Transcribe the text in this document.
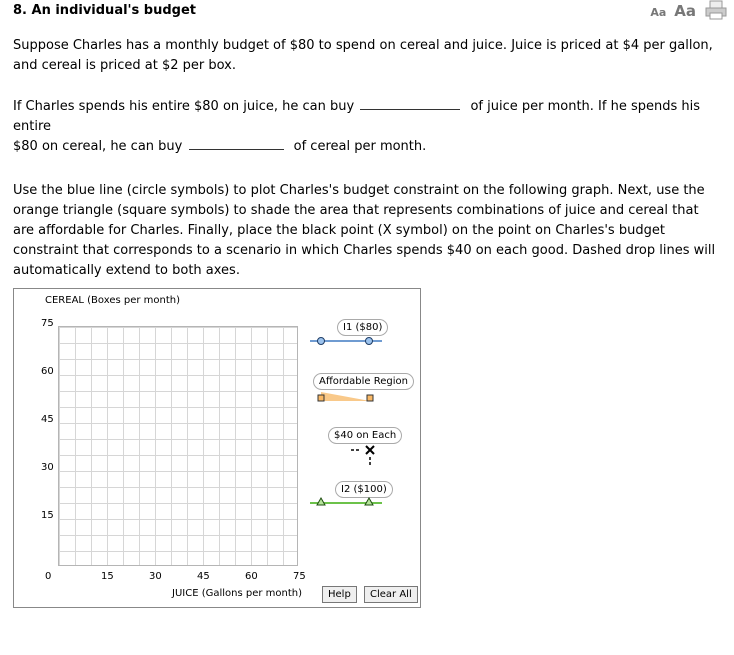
8. An individual's budget	Aa Aa

Suppose Charles has a monthly budget of $80 to spend on cereal and juice. Juice is priced at $4 per gallon, and cereal is priced at $2 per box.

If Charles spends his entire $80 on juice, he can buy	of juice per month. If he spends his entire
$80 on cereal, he can buy	of cereal per month.

Use the blue line (circle symbols) to plot Charles's budget constraint on the following graph. Next, use the orange triangle (square symbols) to shade the area that represents combinations of juice and cereal that are affordable for Charles. Finally, place the black point (X symbol) on the point on Charles's budget constraint that corresponds to a scenario in which Charles spends $40 on each good. Dashed drop lines will automatically extend to both axes.

CEREAL (Boxes per month)
75
60
45
30
15
0	15	30	45	60	75
JUICE (Gallons per month)
I1 ($80)
Affordable Region
$40 on Each
I2 ($100)
Help	Clear All
